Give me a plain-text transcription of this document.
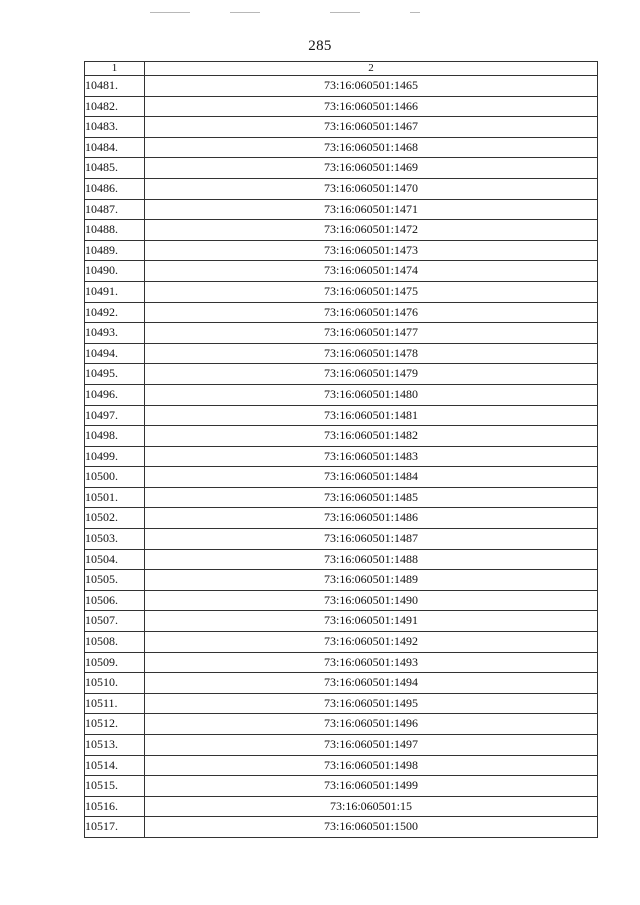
285
1	2
10481.	73:16:060501:1465
10482.	73:16:060501:1466
10483.	73:16:060501:1467
10484.	73:16:060501:1468
10485.	73:16:060501:1469
10486.	73:16:060501:1470
10487.	73:16:060501:1471
10488.	73:16:060501:1472
10489.	73:16:060501:1473
10490.	73:16:060501:1474
10491.	73:16:060501:1475
10492.	73:16:060501:1476
10493.	73:16:060501:1477
10494.	73:16:060501:1478
10495.	73:16:060501:1479
10496.	73:16:060501:1480
10497.	73:16:060501:1481
10498.	73:16:060501:1482
10499.	73:16:060501:1483
10500.	73:16:060501:1484
10501.	73:16:060501:1485
10502.	73:16:060501:1486
10503.	73:16:060501:1487
10504.	73:16:060501:1488
10505.	73:16:060501:1489
10506.	73:16:060501:1490
10507.	73:16:060501:1491
10508.	73:16:060501:1492
10509.	73:16:060501:1493
10510.	73:16:060501:1494
10511.	73:16:060501:1495
10512.	73:16:060501:1496
10513.	73:16:060501:1497
10514.	73:16:060501:1498
10515.	73:16:060501:1499
10516.	73:16:060501:15
10517.	73:16:060501:1500
